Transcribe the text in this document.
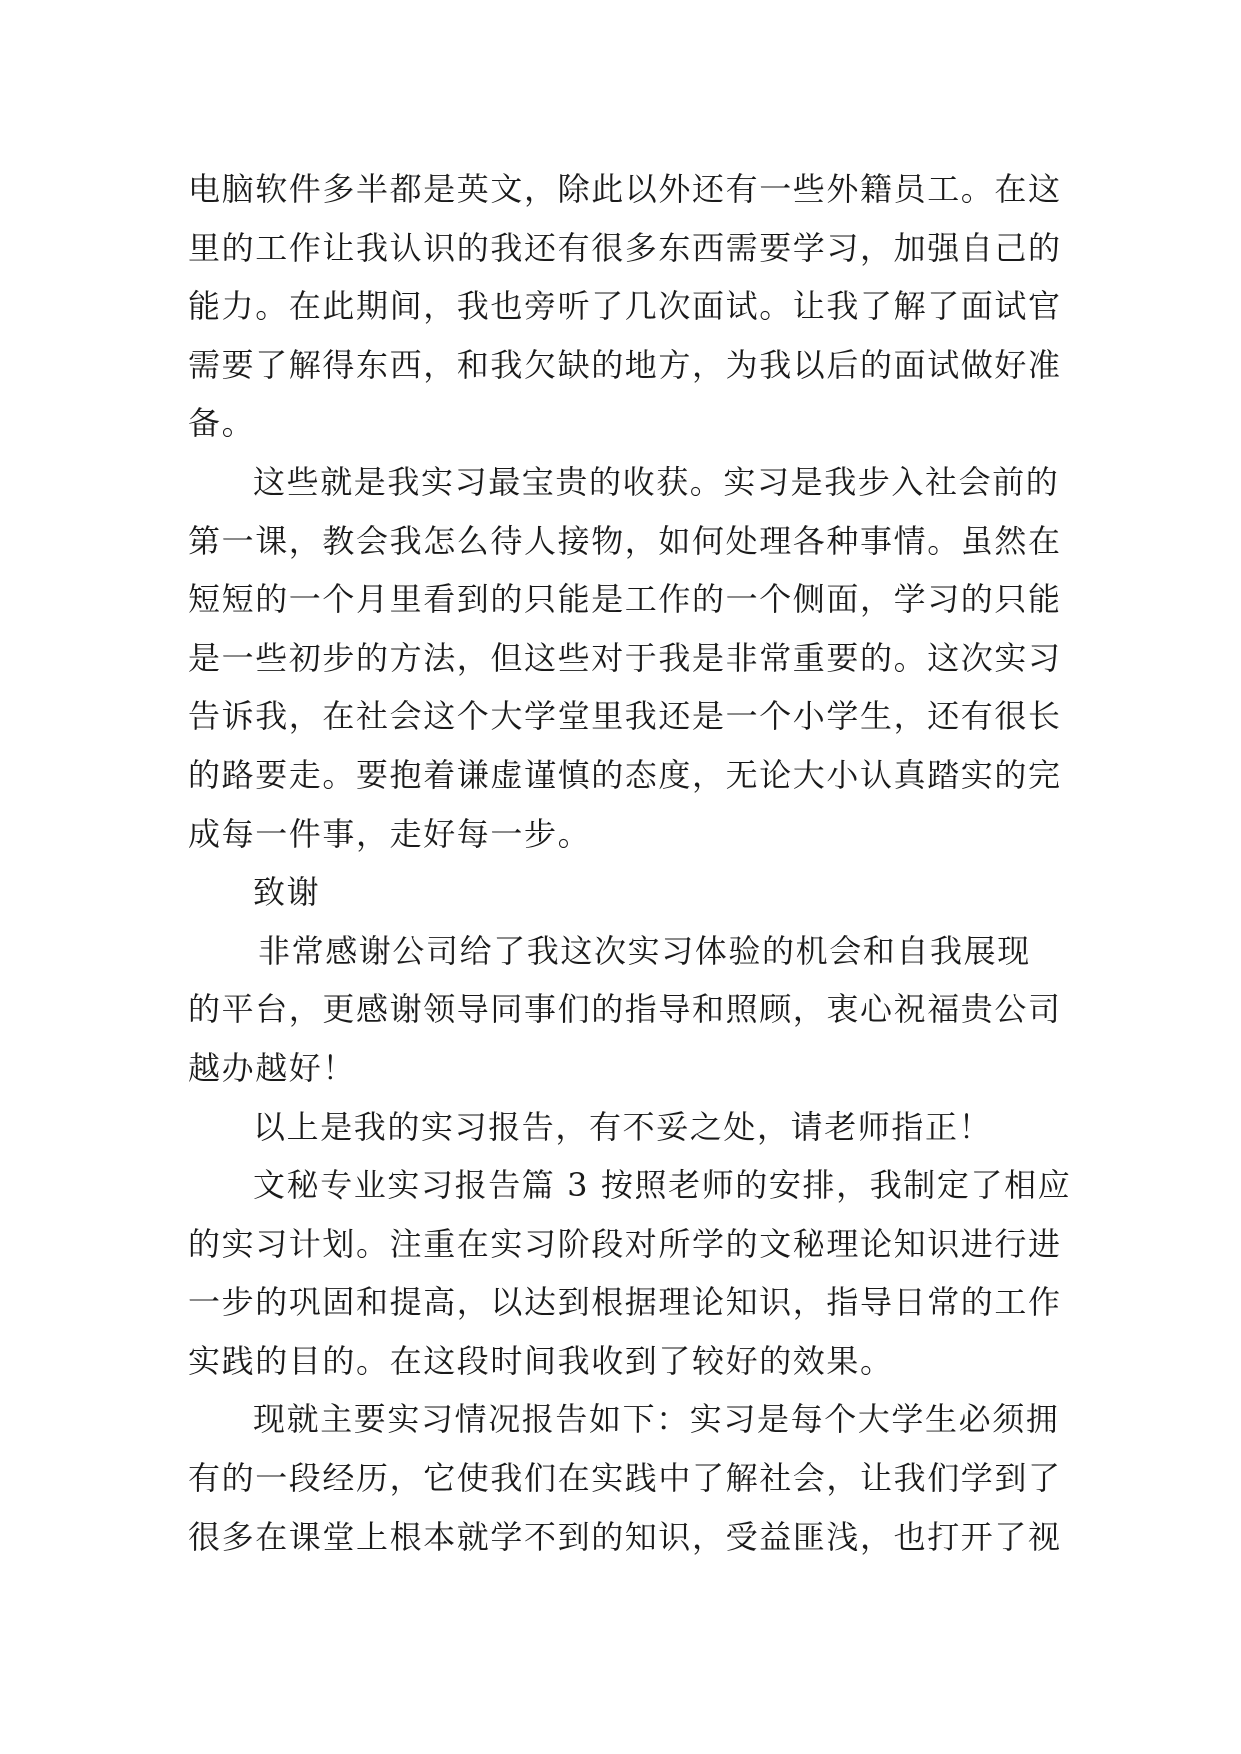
电脑软件多半都是英文，除此以外还有一些外籍员工。在这
里的工作让我认识的我还有很多东西需要学习，加强自己的
能力。在此期间，我也旁听了几次面试。让我了解了面试官
需要了解得东西，和我欠缺的地方，为我以后的面试做好准
备。
这些就是我实习最宝贵的收获。实习是我步入社会前的
第一课，教会我怎么待人接物，如何处理各种事情。虽然在
短短的一个月里看到的只能是工作的一个侧面，学习的只能
是一些初步的方法，但这些对于我是非常重要的。这次实习
告诉我，在社会这个大学堂里我还是一个小学生，还有很长
的路要走。要抱着谦虚谨慎的态度，无论大小认真踏实的完
成每一件事，走好每一步。
致谢
非常感谢公司给了我这次实习体验的机会和自我展现
的平台，更感谢领导同事们的指导和照顾，衷心祝福贵公司
越办越好！
以上是我的实习报告，有不妥之处，请老师指正！
文秘专业实习报告篇 3 按照老师的安排，我制定了相应
的实习计划。注重在实习阶段对所学的文秘理论知识进行进
一步的巩固和提高，以达到根据理论知识，指导日常的工作
实践的目的。在这段时间我收到了较好的效果。
现就主要实习情况报告如下：实习是每个大学生必须拥
有的一段经历，它使我们在实践中了解社会，让我们学到了
很多在课堂上根本就学不到的知识，受益匪浅，也打开了视
